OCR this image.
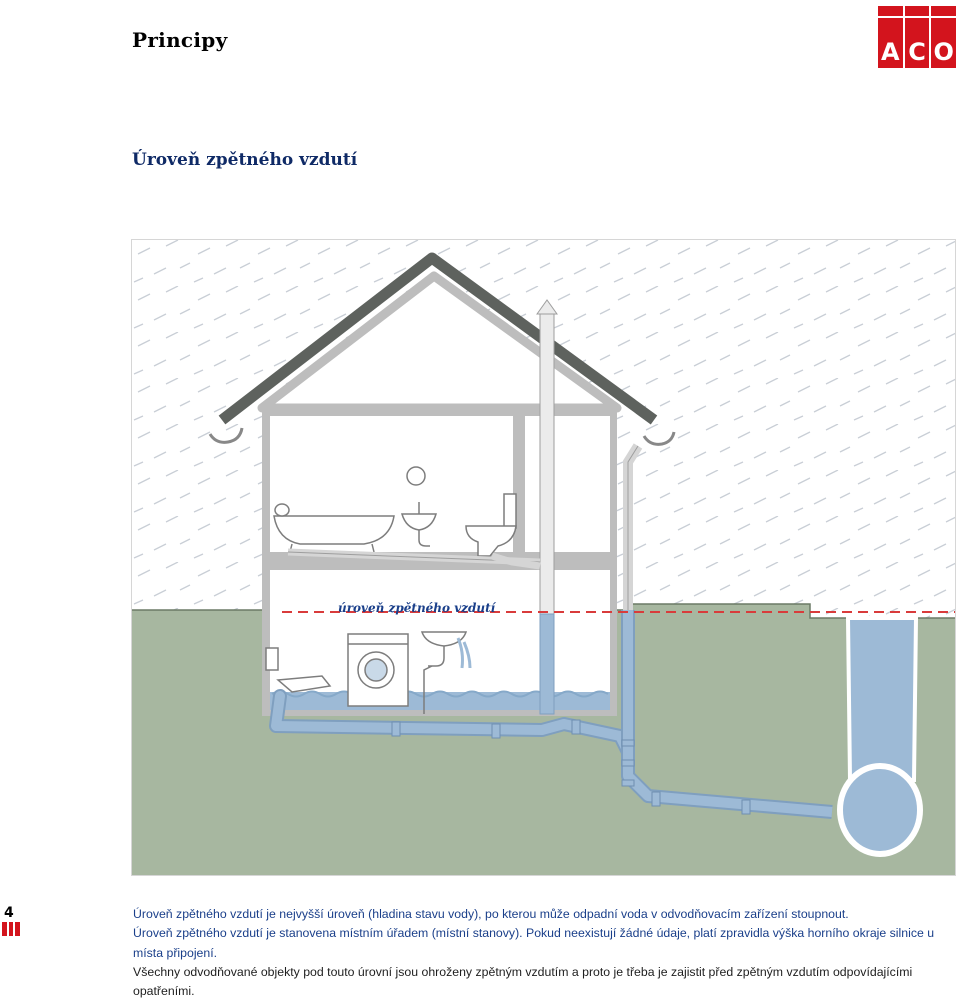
Principy	A C O
Úroveň zpětného vzdutí
úroveň zpětného vzdutí
4	Úroveň zpětného vzdutí je nejvyšší úroveň (hladina stavu vody), po kterou může odpadní voda v odvodňovacím zařízení stoupnout.

Úroveň zpětného vzdutí je stanovena místním úřadem (místní stanovy). Pokud neexistují žádné údaje, platí zpravidla výška horního okraje silnice u místa připojení.

Všechny odvodňované objekty pod touto úrovní jsou ohroženy zpětným vzdutím a proto je třeba je zajistit před zpětným vzdutím odpovídajícími opatřeními.
